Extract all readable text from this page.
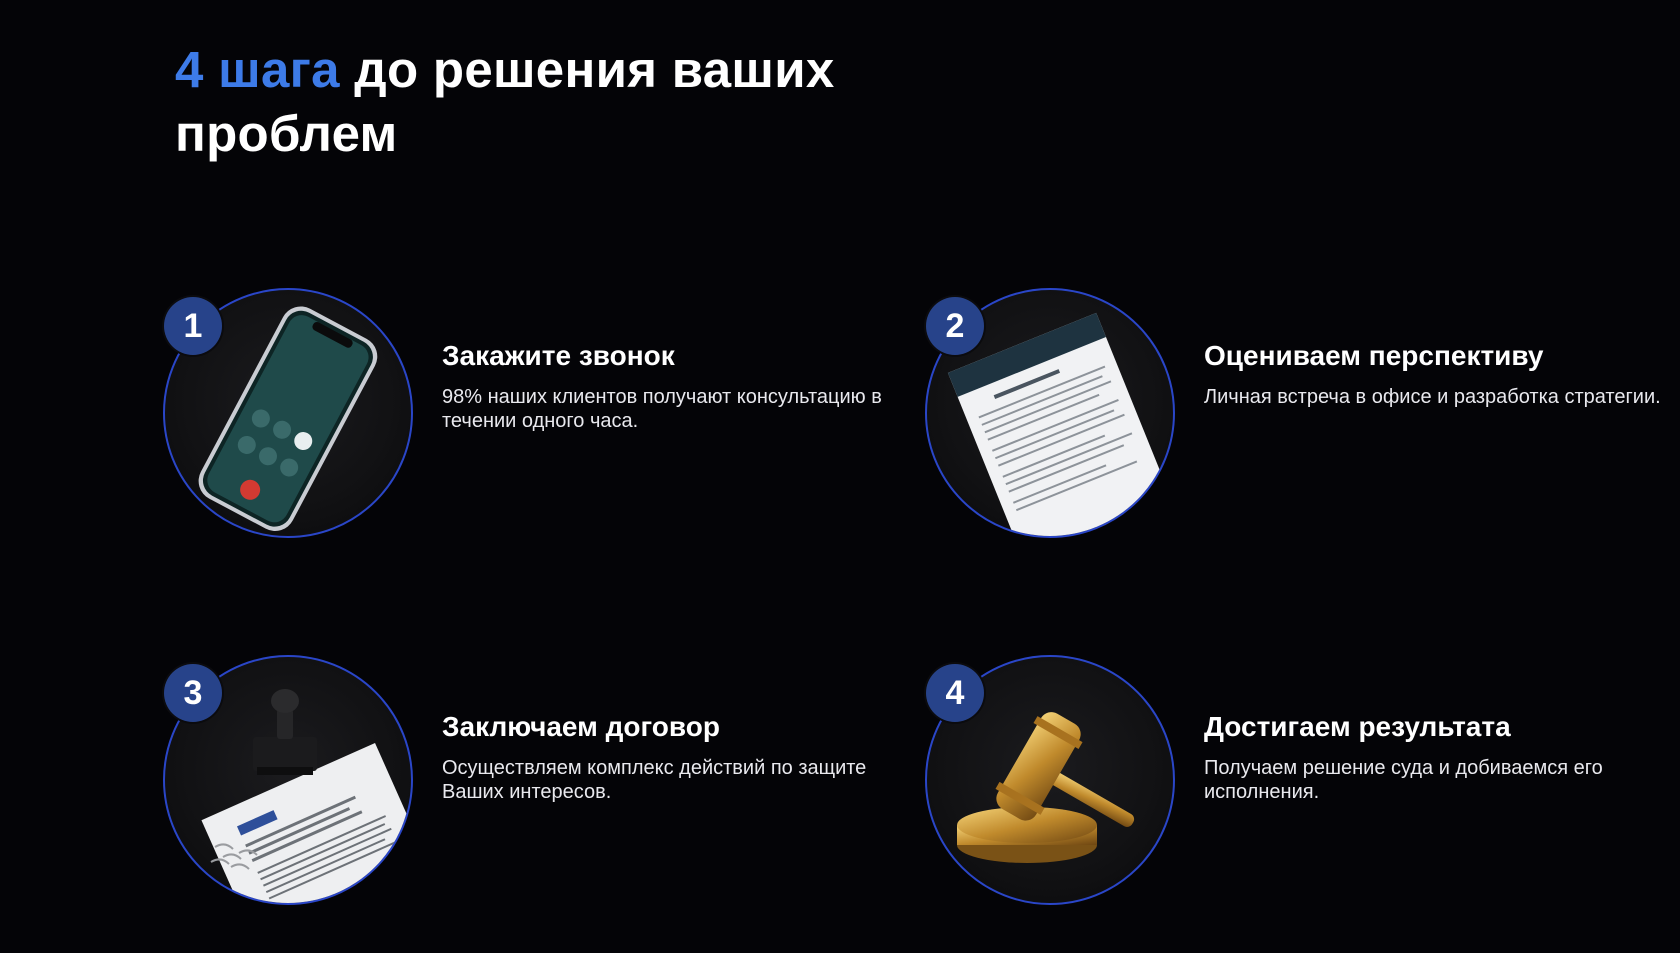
4 шага до решения ваших проблем
1
Закажите звонок
98% наших клиентов получают консультацию в течении одного часа.
2
Оцениваем перспективу
Личная встреча в офисе и разработка стратегии.
3
Заключаем договор
Осуществляем комплекс действий по защите Ваших интересов.
4
Достигаем результата
Получаем решение суда и добиваемся его исполнения.
